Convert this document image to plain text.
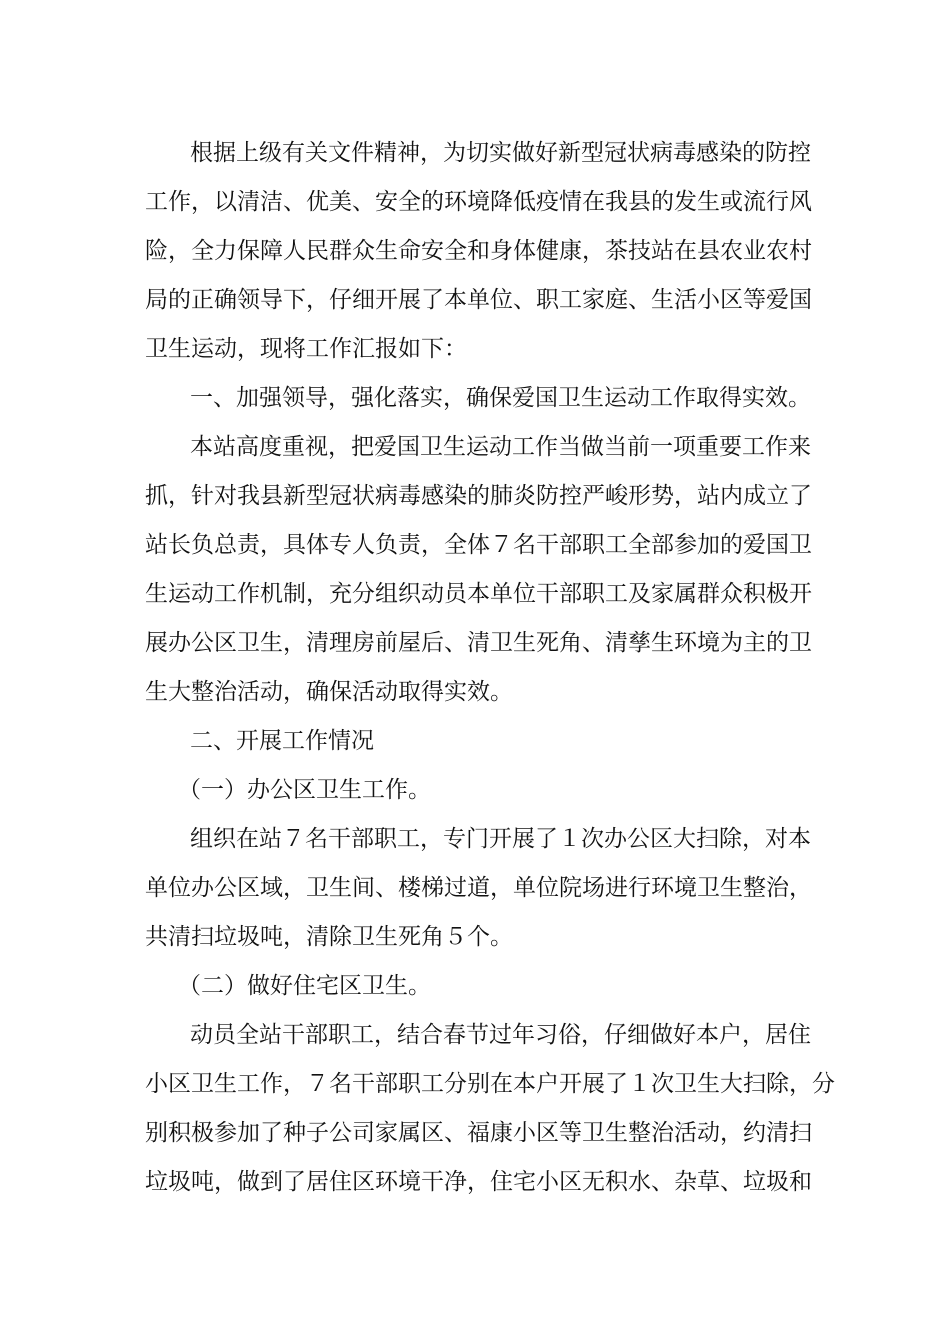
根据上级有关文件精神，为切实做好新型冠状病毒感染的防控
工作，以清洁、优美、安全的环境降低疫情在我县的发生或流行风
险，全力保障人民群众生命安全和身体健康，茶技站在县农业农村
局的正确领导下，仔细开展了本单位、职工家庭、生活小区等爱国
卫生运动，现将工作汇报如下：
一、加强领导，强化落实，确保爱国卫生运动工作取得实效。
本站高度重视，把爱国卫生运动工作当做当前一项重要工作来
抓，针对我县新型冠状病毒感染的肺炎防控严峻形势，站内成立了
站长负总责，具体专人负责，全体７名干部职工全部参加的爱国卫
生运动工作机制，充分组织动员本单位干部职工及家属群众积极开
展办公区卫生，清理房前屋后、清卫生死角、清孳生环境为主的卫
生大整治活动，确保活动取得实效。
二、开展工作情况
（一）办公区卫生工作。
组织在站７名干部职工，专门开展了１次办公区大扫除，对本
单位办公区域，卫生间、楼梯过道，单位院场进行环境卫生整治，
共清扫垃圾吨，清除卫生死角５个。
（二）做好住宅区卫生。
动员全站干部职工，结合春节过年习俗，仔细做好本户，居住
小区卫生工作，７名干部职工分别在本户开展了１次卫生大扫除，分
别积极参加了种子公司家属区、福康小区等卫生整治活动，约清扫
垃圾吨，做到了居住区环境干净，住宅小区无积水、杂草、垃圾和
